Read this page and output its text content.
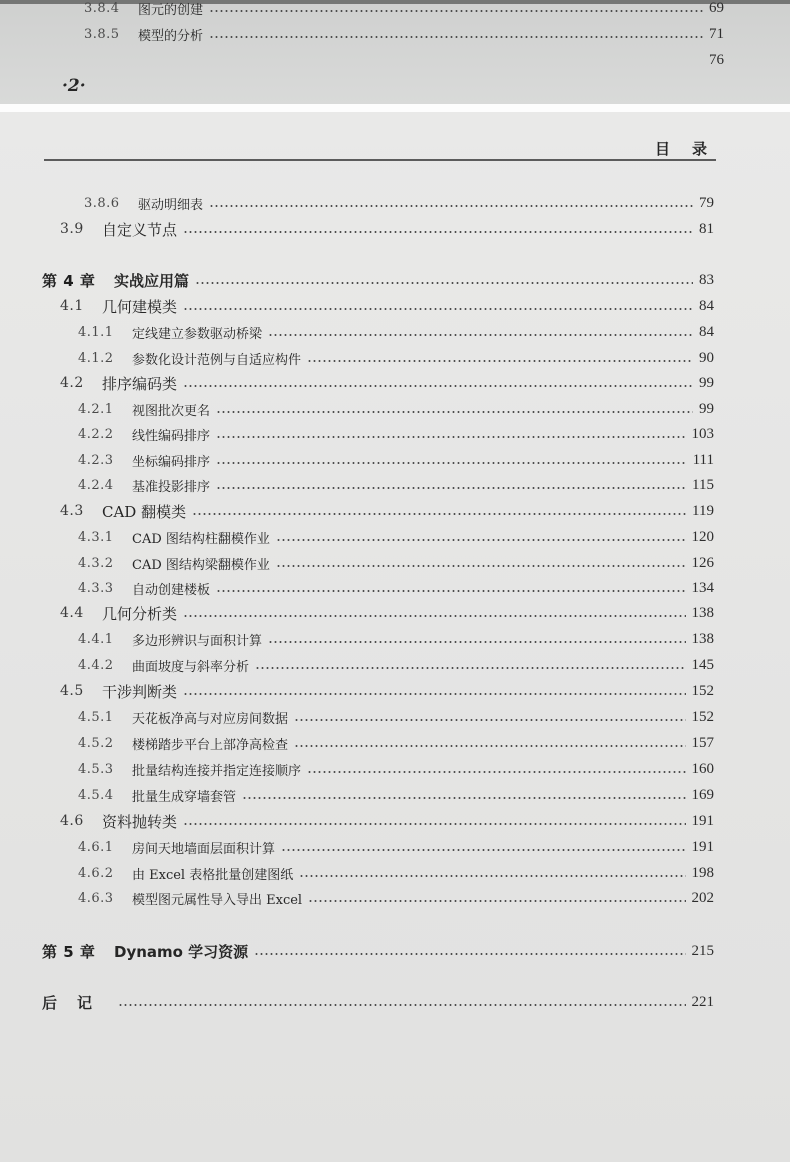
3.8.4	图元的创建	69
3.8.5	模型的分析	71
76
·2·
目录
3.8.6	驱动明细表	79
3.9	自定义节点	81
第 4 章	实战应用篇	83
4.1	几何建模类	84
4.1.1	定线建立参数驱动桥梁	84
4.1.2	参数化设计范例与自适应构件	90
4.2	排序编码类	99
4.2.1	视图批次更名	99
4.2.2	线性编码排序	103
4.2.3	坐标编码排序	111
4.2.4	基准投影排序	115
4.3	CAD 翻模类	119
4.3.1	CAD 图结构柱翻模作业	120
4.3.2	CAD 图结构梁翻模作业	126
4.3.3	自动创建楼板	134
4.4	几何分析类	138
4.4.1	多边形辨识与面积计算	138
4.4.2	曲面坡度与斜率分析	145
4.5	干涉判断类	152
4.5.1	天花板净高与对应房间数据	152
4.5.2	楼梯踏步平台上部净高检查	157
4.5.3	批量结构连接并指定连接顺序	160
4.5.4	批量生成穿墙套管	169
4.6	资料抛转类	191
4.6.1	房间天地墙面层面积计算	191
4.6.2	由 Excel 表格批量创建图纸	198
4.6.3	模型图元属性导入导出 Excel	202
第 5 章	Dynamo 学习资源	215
后记	221
